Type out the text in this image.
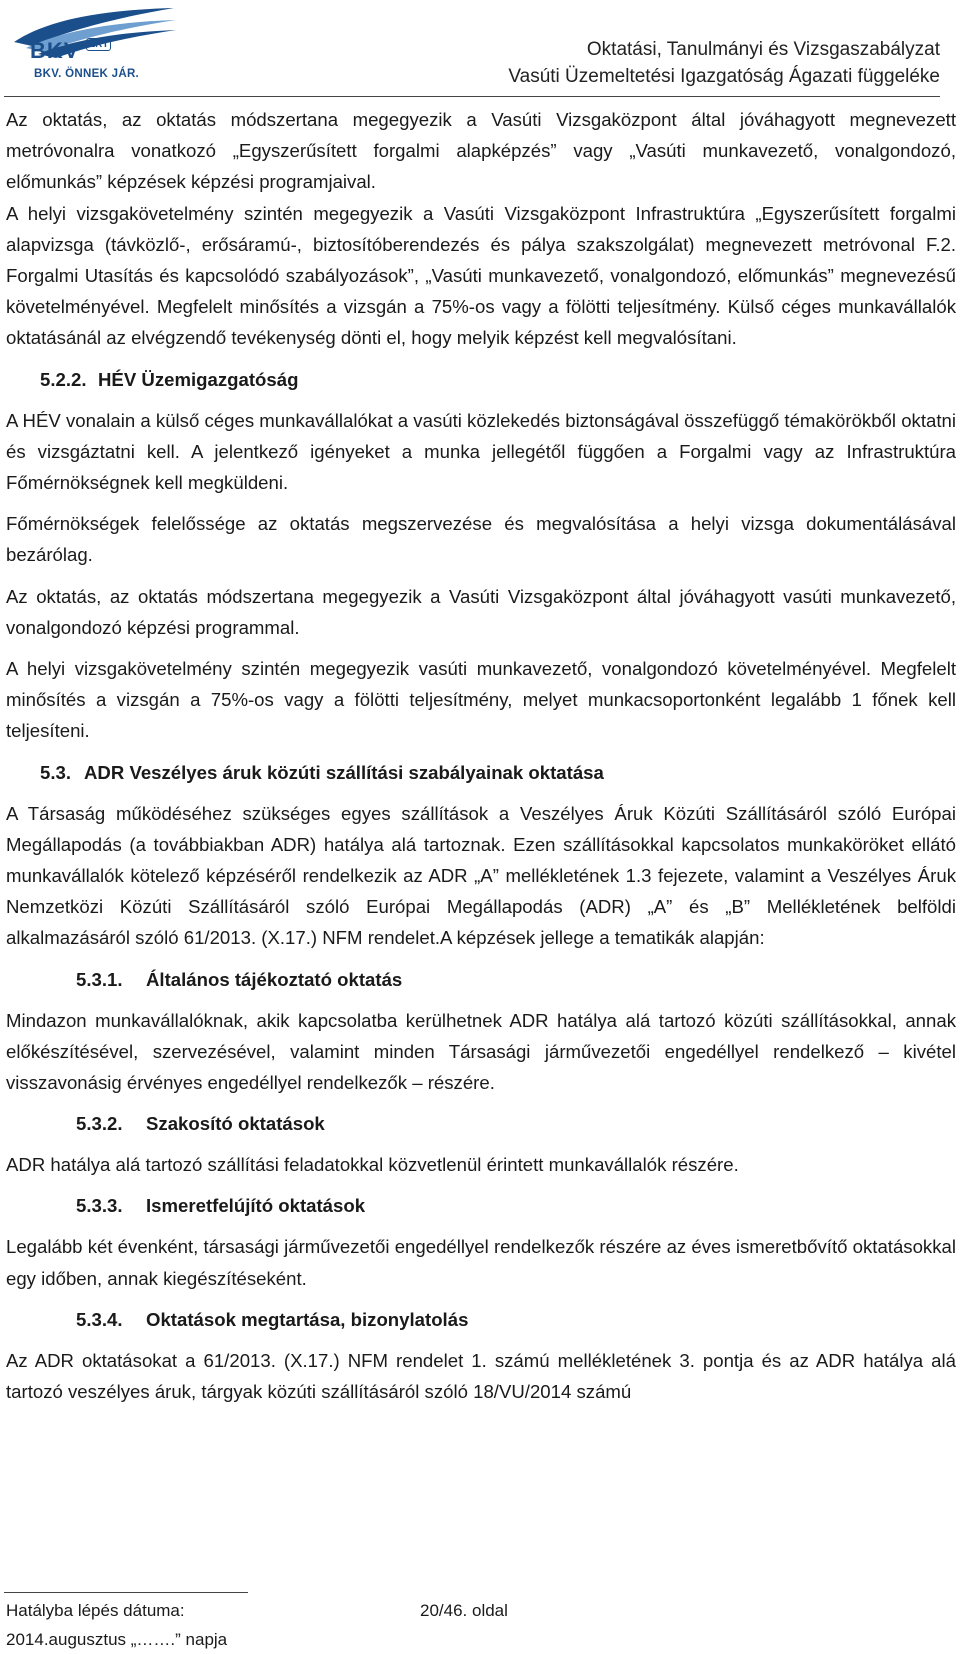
BKV ZRT
BKV. ÖNNEK JÁR.
Oktatási, Tanulmányi és Vizsgaszabályzat
Vasúti Üzemeltetési Igazgatóság Ágazati függeléke

Az oktatás, az oktatás módszertana megegyezik a Vasúti Vizsgaközpont által jóváhagyott megnevezett metróvonalra vonatkozó „Egyszerűsített forgalmi alapképzés” vagy „Vasúti munkavezető, vonalgondozó, előmunkás” képzések képzési programjaival.

A helyi vizsgakövetelmény szintén megegyezik a Vasúti Vizsgaközpont Infrastruktúra „Egyszerűsített forgalmi alapvizsga (távközlő-, erősáramú-, biztosítóberendezés és pálya szakszolgálat) megnevezett metróvonal F.2. Forgalmi Utasítás és kapcsolódó szabályozások”, „Vasúti munkavezető, vonalgondozó, előmunkás” megnevezésű követelményével. Megfelelt minősítés a vizsgán a 75%-os vagy a fölötti teljesítmény. Külső céges munkavállalók oktatásánál az elvégzendő tevékenység dönti el, hogy melyik képzést kell megvalósítani.

5.2.2. HÉV Üzemigazgatóság

A HÉV vonalain a külső céges munkavállalókat a vasúti közlekedés biztonságával összefüggő témakörökből oktatni és vizsgáztatni kell. A jelentkező igényeket a munka jellegétől függően a Forgalmi vagy az Infrastruktúra Főmérnökségnek kell megküldeni.

Főmérnökségek felelőssége az oktatás megszervezése és megvalósítása a helyi vizsga dokumentálásával bezárólag.

Az oktatás, az oktatás módszertana megegyezik a Vasúti Vizsgaközpont által jóváhagyott vasúti munkavezető, vonalgondozó képzési programmal.

A helyi vizsgakövetelmény szintén megegyezik vasúti munkavezető, vonalgondozó követelményével. Megfelelt minősítés a vizsgán a 75%-os vagy a fölötti teljesítmény, melyet munkacsoportonként legalább 1 főnek kell teljesíteni.

5.3. ADR Veszélyes áruk közúti szállítási szabályainak oktatása

A Társaság működéséhez szükséges egyes szállítások a Veszélyes Áruk Közúti Szállításáról szóló Európai Megállapodás (a továbbiakban ADR) hatálya alá tartoznak. Ezen szállításokkal kapcsolatos munkaköröket ellátó munkavállalók kötelező képzéséről rendelkezik az ADR „A” mellékletének 1.3 fejezete, valamint a Veszélyes Áruk Nemzetközi Közúti Szállításáról szóló Európai Megállapodás (ADR) „A” és „B” Mellékletének belföldi alkalmazásáról szóló 61/2013. (X.17.) NFM rendelet.A képzések jellege a tematikák alapján:

5.3.1.	Általános tájékoztató oktatás

Mindazon munkavállalóknak, akik kapcsolatba kerülhetnek ADR hatálya alá tartozó közúti szállításokkal, annak előkészítésével, szervezésével, valamint minden Társasági járművezetői engedéllyel rendelkező – kivétel visszavonásig érvényes engedéllyel rendelkezők – részére.

5.3.2.	Szakosító oktatások

ADR hatálya alá tartozó szállítási feladatokkal közvetlenül érintett munkavállalók részére.

5.3.3.	Ismeretfelújító oktatások

Legalább két évenként, társasági járművezetői engedéllyel rendelkezők részére az éves ismeretbővítő oktatásokkal egy időben, annak kiegészítéseként.

5.3.4.	Oktatások megtartása, bizonylatolás

Az ADR oktatásokat a 61/2013. (X.17.) NFM rendelet 1. számú mellékletének 3. pontja és az ADR hatálya alá tartozó veszélyes áruk, tárgyak közúti szállításáról szóló 18/VU/2014 számú

Hatályba lépés dátuma:
2014.augusztus „…….” napja
20/46. oldal
